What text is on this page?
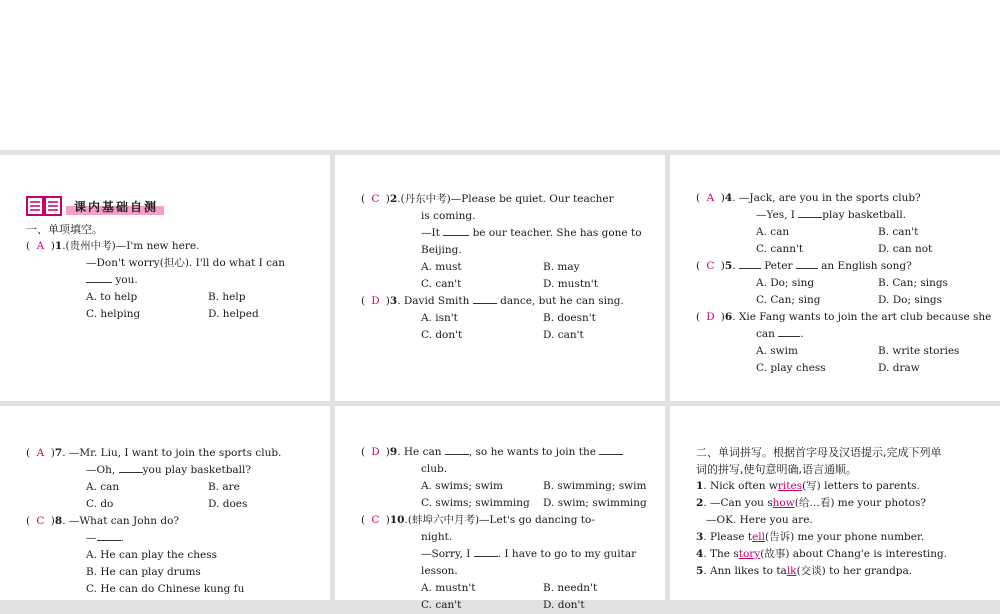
课内基础自测
一、单项填空。
( A )1.(贵州中考)—I'm new here.
—Don't worry(担心). I'll do what I can
you.
A. to help	B. help
C. helping	D. helped
( C )2.(丹东中考)—Please be quiet. Our teacher
is coming.
—It	be our teacher. She has gone to
Beijing.
A. must	B. may
C. can't	D. mustn't
( D )3. David Smith	dance, but he can sing.
A. isn't	B. doesn't
C. don't	D. can't
( A )4. —Jack, are you in the sports club?
—Yes, I	play basketball.
A. can	B. can't
C. cann't	D. can not
( C )5.  Peter	an English song?
A. Do; sing	B. Can; sings
C. Can; sing	D. Do; sings
( D )6. Xie Fang wants to join the art club because she
can .
A. swim	B. write stories
C. play chess	D. draw
( A )7. —Mr. Liu, I want to join the sports club.
—Oh,	you play basketball?
A. can	B. are
C. do	D. does
( C )8. —What can John do?
— .
A. He can play the chess
B. He can play drums
C. He can do Chinese kung fu
( D )9. He can	, so he wants to join the
club.
A. swims; swim	B. swimming; swim
C. swims; swimming	D. swim; swimming
( C )10.(蚌埠六中月考)—Let's go dancing to-
night.
—Sorry, I	. I have to go to my guitar
lesson.
A. mustn't	B. needn't
C. can't	D. don't
二、单词拼写。根据首字母及汉语提示,完成下列单
词的拼写,使句意明确,语言通顺。
1. Nick often writes(写) letters to parents.
2. —Can you show(给…看) me your photos?
—OK. Here you are.
3. Please tell(告诉) me your phone number.
4. The story(故事) about Chang'e is interesting.
5. Ann likes to talk(交谈) to her grandpa.
